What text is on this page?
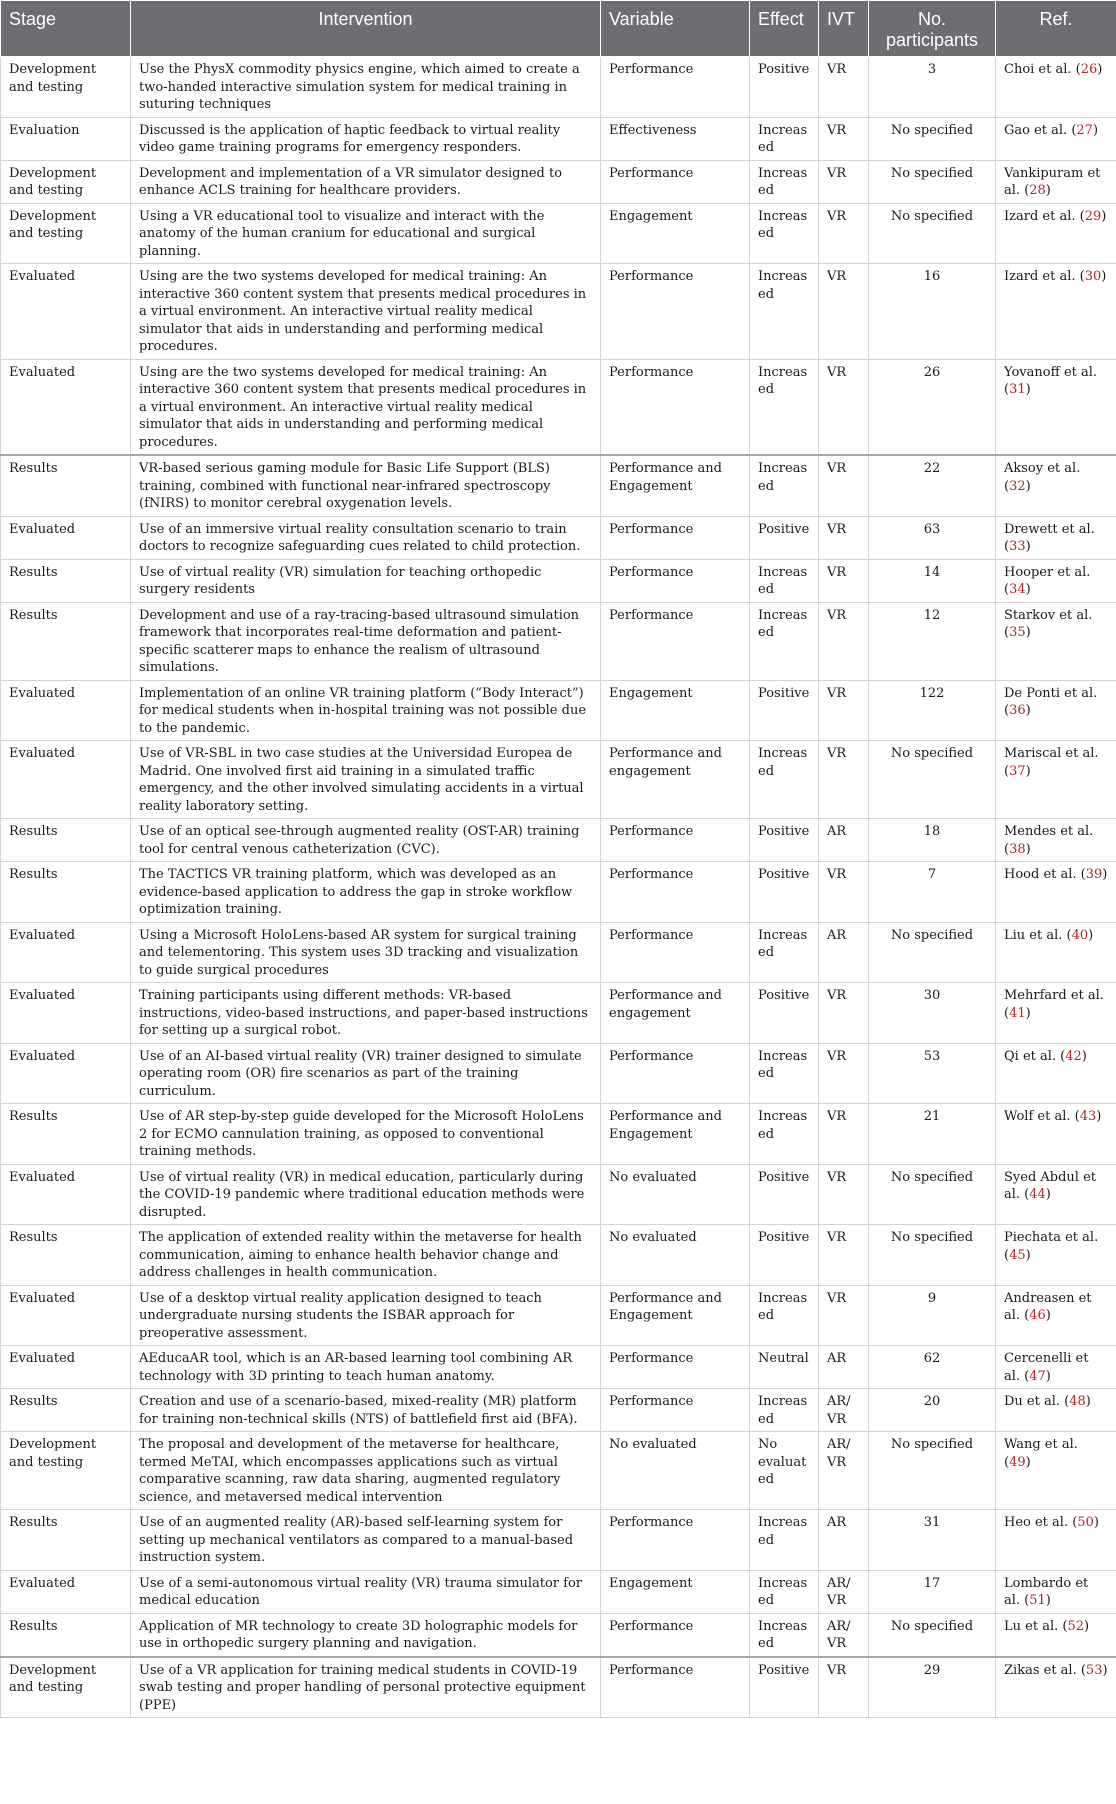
Stage	Intervention	Variable	Effect	IVT	No. participants	Ref.
Development and testing	Use the PhysX commodity physics engine, which aimed to create a two-handed interactive simulation system for medical training in suturing techniques	Performance	Positive	VR	3	Choi et al. (26)
Evaluation	Discussed is the application of haptic feedback to virtual reality video game training programs for emergency responders.	Effectiveness	Increased	VR	No specified	Gao et al. (27)
Development and testing	Development and implementation of a VR simulator designed to enhance ACLS training for healthcare providers.	Performance	Increased	VR	No specified	Vankipuram et al. (28)
Development and testing	Using a VR educational tool to visualize and interact with the anatomy of the human cranium for educational and surgical planning.	Engagement	Increased	VR	No specified	Izard et al. (29)
Evaluated	Using are the two systems developed for medical training: An interactive 360 content system that presents medical procedures in a virtual environment. An interactive virtual reality medical simulator that aids in understanding and performing medical procedures.	Performance	Increased	VR	16	Izard et al. (30)
Evaluated	Using are the two systems developed for medical training: An interactive 360 content system that presents medical procedures in a virtual environment. An interactive virtual reality medical simulator that aids in understanding and performing medical procedures.	Performance	Increased	VR	26	Yovanoff et al. (31)
Results	VR-based serious gaming module for Basic Life Support (BLS) training, combined with functional near-infrared spectroscopy (fNIRS) to monitor cerebral oxygenation levels.	Performance and Engagement	Increased	VR	22	Aksoy et al. (32)
Evaluated	Use of an immersive virtual reality consultation scenario to train doctors to recognize safeguarding cues related to child protection.	Performance	Positive	VR	63	Drewett et al. (33)
Results	Use of virtual reality (VR) simulation for teaching orthopedic surgery residents	Performance	Increased	VR	14	Hooper et al. (34)
Results	Development and use of a ray-tracing-based ultrasound simulation framework that incorporates real-time deformation and patient-specific scatterer maps to enhance the realism of ultrasound simulations.	Performance	Increased	VR	12	Starkov et al. (35)
Evaluated	Implementation of an online VR training platform (“Body Interact”) for medical students when in-hospital training was not possible due to the pandemic.	Engagement	Positive	VR	122	De Ponti et al. (36)
Evaluated	Use of VR-SBL in two case studies at the Universidad Europea de Madrid. One involved first aid training in a simulated traffic emergency, and the other involved simulating accidents in a virtual reality laboratory setting.	Performance and engagement	Increased	VR	No specified	Mariscal et al. (37)
Results	Use of an optical see-through augmented reality (OST-AR) training tool for central venous catheterization (CVC).	Performance	Positive	AR	18	Mendes et al. (38)
Results	The TACTICS VR training platform, which was developed as an evidence-based application to address the gap in stroke workflow optimization training.	Performance	Positive	VR	7	Hood et al. (39)
Evaluated	Using a Microsoft HoloLens-based AR system for surgical training and telementoring. This system uses 3D tracking and visualization to guide surgical procedures	Performance	Increased	AR	No specified	Liu et al. (40)
Evaluated	Training participants using different methods: VR-based instructions, video-based instructions, and paper-based instructions for setting up a surgical robot.	Performance and engagement	Positive	VR	30	Mehrfard et al. (41)
Evaluated	Use of an AI-based virtual reality (VR) trainer designed to simulate operating room (OR) fire scenarios as part of the training curriculum.	Performance	Increased	VR	53	Qi et al. (42)
Results	Use of AR step-by-step guide developed for the Microsoft HoloLens 2 for ECMO cannulation training, as opposed to conventional training methods.	Performance and Engagement	Increased	VR	21	Wolf et al. (43)
Evaluated	Use of virtual reality (VR) in medical education, particularly during the COVID-19 pandemic where traditional education methods were disrupted.	No evaluated	Positive	VR	No specified	Syed Abdul et al. (44)
Results	The application of extended reality within the metaverse for health communication, aiming to enhance health behavior change and address challenges in health communication.	No evaluated	Positive	VR	No specified	Piechata et al. (45)
Evaluated	Use of a desktop virtual reality application designed to teach undergraduate nursing students the ISBAR approach for preoperative assessment.	Performance and Engagement	Increased	VR	9	Andreasen et al. (46)
Evaluated	AEducaAR tool, which is an AR-based learning tool combining AR technology with 3D printing to teach human anatomy.	Performance	Neutral	AR	62	Cercenelli et al. (47)
Results	Creation and use of a scenario-based, mixed-reality (MR) platform for training non-technical skills (NTS) of battlefield first aid (BFA).	Performance	Increased	AR/ VR	20	Du et al. (48)
Development and testing	The proposal and development of the metaverse for healthcare, termed MeTAI, which encompasses applications such as virtual comparative scanning, raw data sharing, augmented regulatory science, and metaversed medical intervention	No evaluated	No evaluated	AR/ VR	No specified	Wang et al. (49)
Results	Use of an augmented reality (AR)-based self-learning system for setting up mechanical ventilators as compared to a manual-based instruction system.	Performance	Increased	AR	31	Heo et al. (50)
Evaluated	Use of a semi-autonomous virtual reality (VR) trauma simulator for medical education	Engagement	Increased	AR/ VR	17	Lombardo et al. (51)
Results	Application of MR technology to create 3D holographic models for use in orthopedic surgery planning and navigation.	Performance	Increased	AR/ VR	No specified	Lu et al. (52)
Development and testing	Use of a VR application for training medical students in COVID-19 swab testing and proper handling of personal protective equipment (PPE)	Performance	Positive	VR	29	Zikas et al. (53)
